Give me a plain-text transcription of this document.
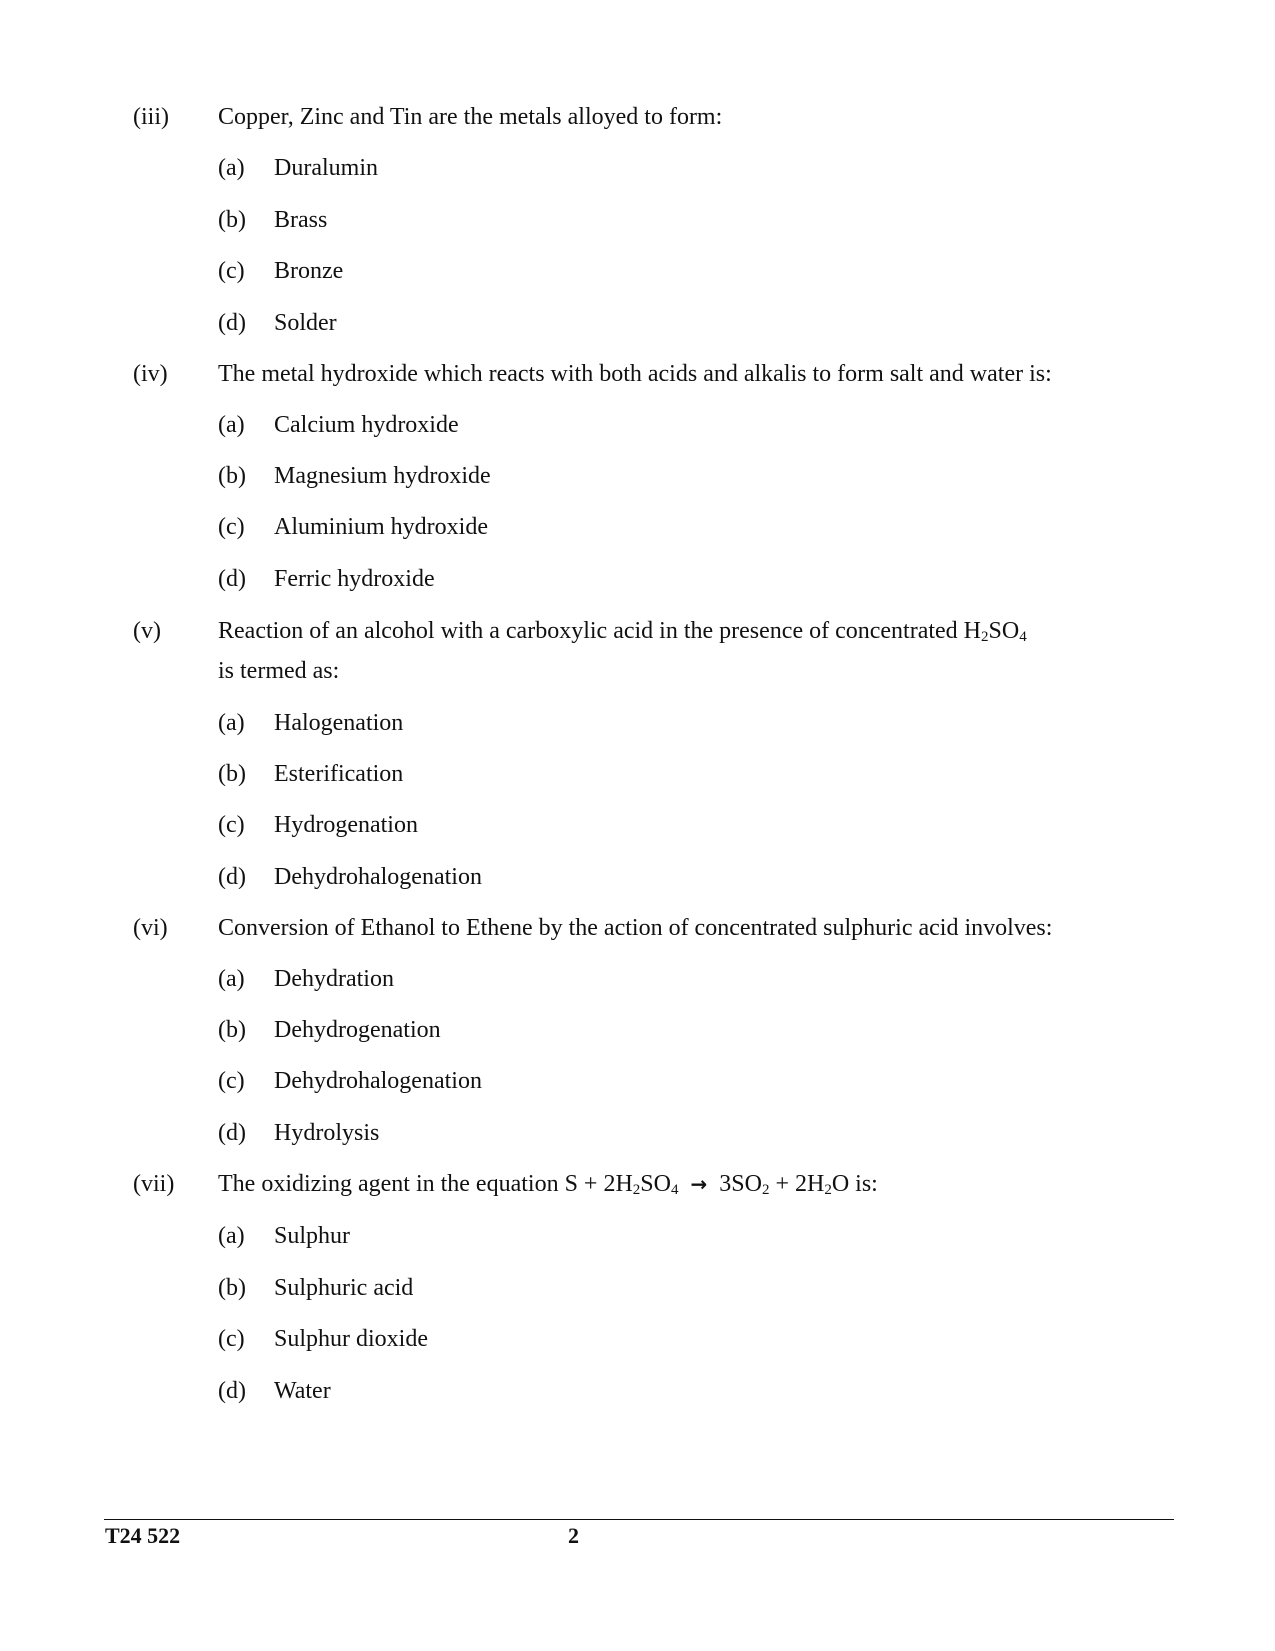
(iii) Copper, Zinc and Tin are the metals alloyed to form:
(a) Duralumin
(b) Brass
(c) Bronze
(d) Solder
(iv) The metal hydroxide which reacts with both acids and alkalis to form salt and water is:
(a) Calcium hydroxide
(b) Magnesium hydroxide
(c) Aluminium hydroxide
(d) Ferric hydroxide
(v) Reaction of an alcohol with a carboxylic acid in the presence of concentrated $H_2SO_4$
is termed as:
(a) Halogenation
(b) Esterification
(c) Hydrogenation
(d) Dehydrohalogenation
(vi) Conversion of Ethanol to Ethene by the action of concentrated sulphuric acid involves:
(a) Dehydration
(b) Dehydrogenation
(c) Dehydrohalogenation
(d) Hydrolysis
(vii) The oxidizing agent in the equation $S + 2H_2SO_4 \to 3SO_2 + 2H_2O$ is:
(a) Sulphur
(b) Sulphuric acid
(c) Sulphur dioxide
(d) Water
T24 522	2
